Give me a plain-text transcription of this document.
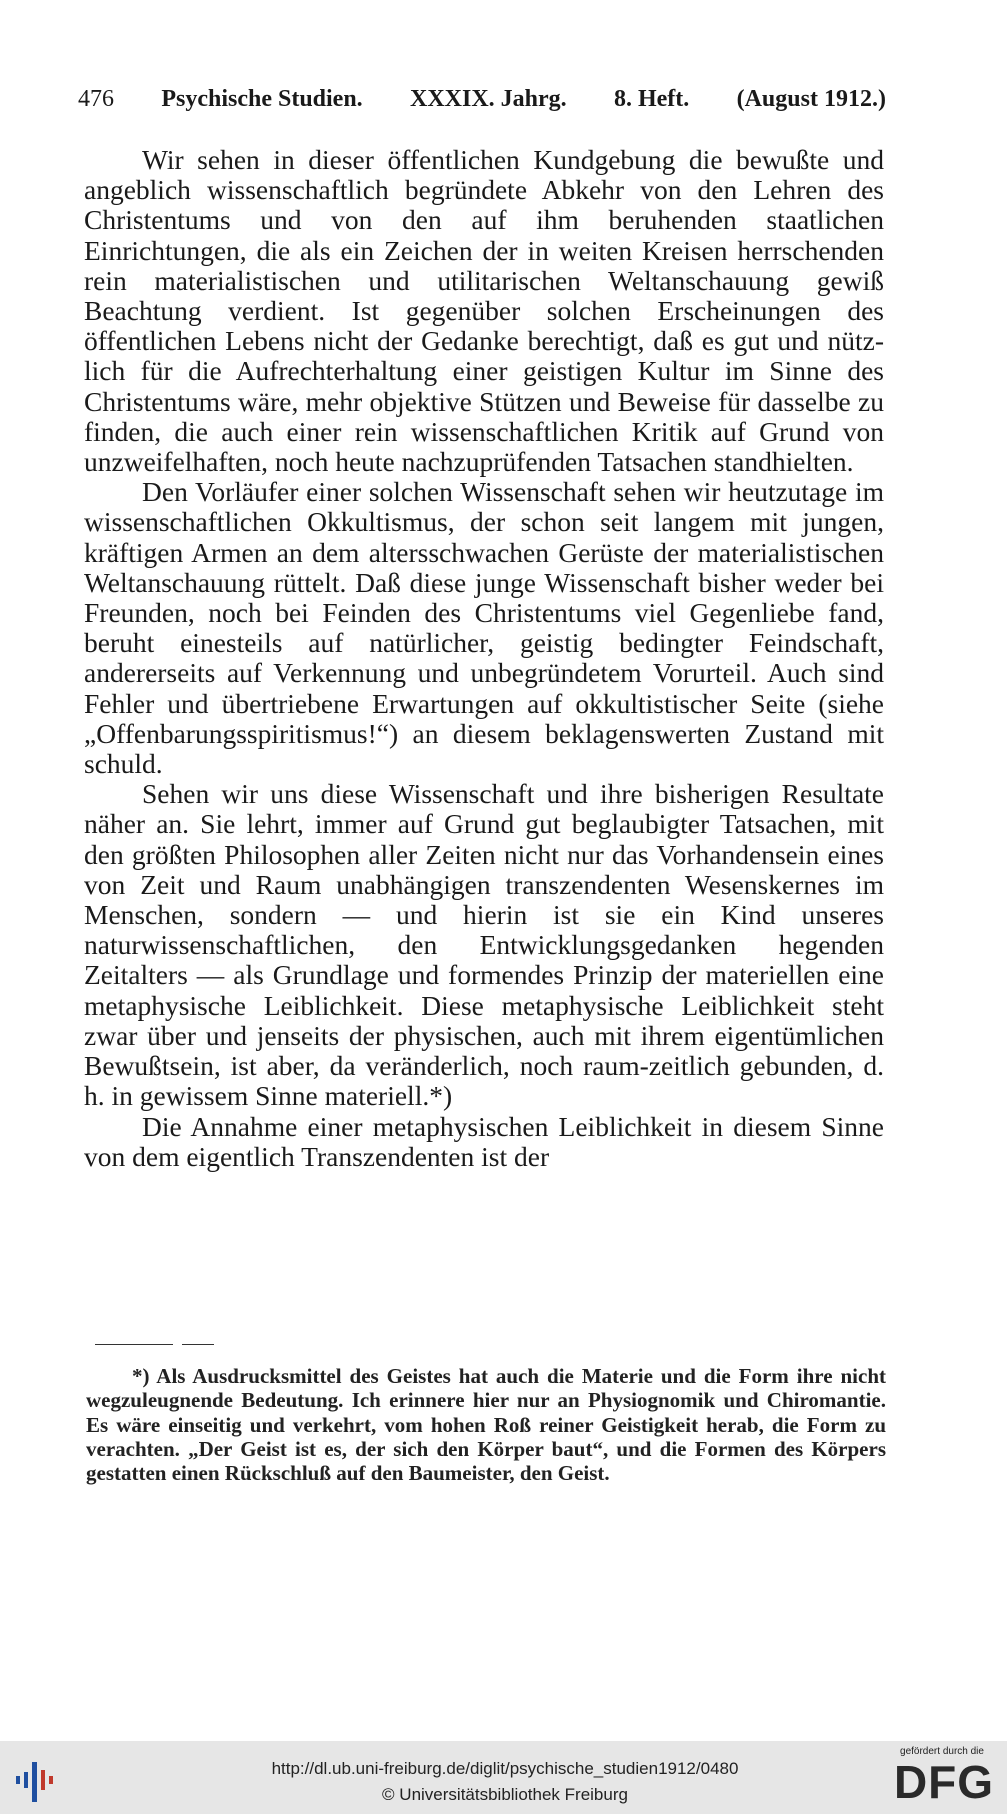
476 Psychische Studien. XXXIX. Jahrg. 8. Heft. (August 1912.)

Wir sehen in dieser öffentlichen Kundgebung die bewußte und angeblich wissenschaftlich begründete Abkehr von den Lehren des Christentums und von den auf ihm beruhenden staatlichen Einrichtungen, die als ein Zeichen der in weiten Kreisen herrschenden rein materialistischen und utilitarischen Weltanschauung gewiß Beachtung verdient. Ist gegenüber solchen Erscheinungen des öffentlichen Lebens nicht der Gedanke berechtigt, daß es gut und nützlich für die Aufrechterhaltung einer geistigen Kultur im Sinne des Christentums wäre, mehr objektive Stützen und Beweise für dasselbe zu finden, die auch einer rein wissenschaftlichen Kritik auf Grund von unzweifelhaften, noch heute nachzuprüfenden Tatsachen standhielten.

Den Vorläufer einer solchen Wissenschaft sehen wir heutzutage im wissenschaftlichen Okkultismus, der schon seit langem mit jungen, kräftigen Armen an dem altersschwachen Gerüste der materialistischen Weltanschauung rüttelt. Daß diese junge Wissenschaft bisher weder bei Freunden, noch bei Feinden des Christentums viel Gegenliebe fand, beruht einesteils auf natürlicher, geistig bedingter Feindschaft, andererseits auf Verkennung und unbegründetem Vorurteil. Auch sind Fehler und übertriebene Erwartungen auf okkultistischer Seite (siehe „Offenbarungsspiritismus!“) an diesem beklagenswerten Zustand mit schuld.

Sehen wir uns diese Wissenschaft und ihre bisherigen Resultate näher an. Sie lehrt, immer auf Grund gut beglaubigter Tatsachen, mit den größten Philosophen aller Zeiten nicht nur das Vorhandensein eines von Zeit und Raum unabhängigen transzendenten Wesenskernes im Menschen, sondern — und hierin ist sie ein Kind unseres naturwissenschaftlichen, den Entwicklungsgedanken hegenden Zeitalters — als Grundlage und formendes Prinzip der materiellen eine metaphysische Leiblichkeit. Diese metaphysische Leiblichkeit steht zwar über und jenseits der physischen, auch mit ihrem eigentümlichen Bewußtsein, ist aber, da veränderlich, noch raum-zeitlich gebunden, d. h. in gewissem Sinne materiell.*)

Die Annahme einer metaphysischen Leiblichkeit in diesem Sinne von dem eigentlich Transzendenten ist der

*) Als Ausdrucksmittel des Geistes hat auch die Materie und die Form ihre nicht wegzuleugnende Bedeutung. Ich erinnere hier nur an Physiognomik und Chiromantie. Es wäre einseitig und verkehrt, vom hohen Roß reiner Geistigkeit herab, die Form zu verachten. „Der Geist ist es, der sich den Körper baut“, und die Formen des Körpers gestatten einen Rückschluß auf den Baumeister, den Geist.

http://dl.ub.uni-freiburg.de/diglit/psychische_studien1912/0480
© Universitätsbibliothek Freiburg
gefördert durch die
DFG
